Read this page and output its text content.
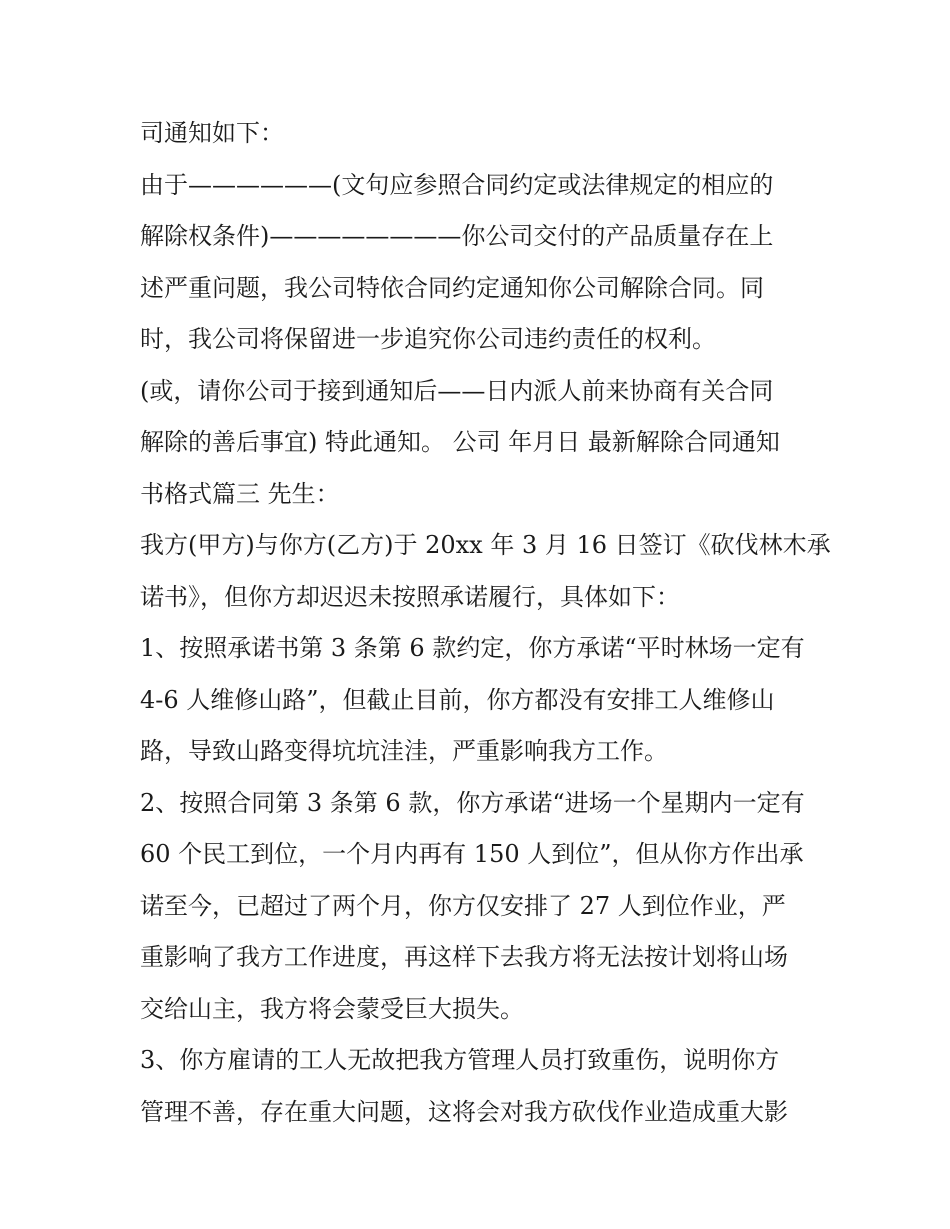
司通知如下：
由于——————(文句应参照合同约定或法律规定的相应的
解除权条件)————————你公司交付的产品质量存在上
述严重问题，我公司特依合同约定通知你公司解除合同。同
时，我公司将保留进一步追究你公司违约责任的权利。
(或，请你公司于接到通知后——日内派人前来协商有关合同
解除的善后事宜) 特此通知。 公司 年月日 最新解除合同通知
书格式篇三 先生：
我方(甲方)与你方(乙方)于 20xx 年 3 月 16 日签订《砍伐林木承
诺书》，但你方却迟迟未按照承诺履行，具体如下：
1、按照承诺书第 3 条第 6 款约定，你方承诺“平时林场一定有
4-6 人维修山路”，但截止目前，你方都没有安排工人维修山
路，导致山路变得坑坑洼洼，严重影响我方工作。
2、按照合同第 3 条第 6 款，你方承诺“进场一个星期内一定有
60 个民工到位，一个月内再有 150 人到位”，但从你方作出承
诺至今，已超过了两个月，你方仅安排了 27 人到位作业，严
重影响了我方工作进度，再这样下去我方将无法按计划将山场
交给山主，我方将会蒙受巨大损失。
3、你方雇请的工人无故把我方管理人员打致重伤，说明你方
管理不善，存在重大问题，这将会对我方砍伐作业造成重大影
